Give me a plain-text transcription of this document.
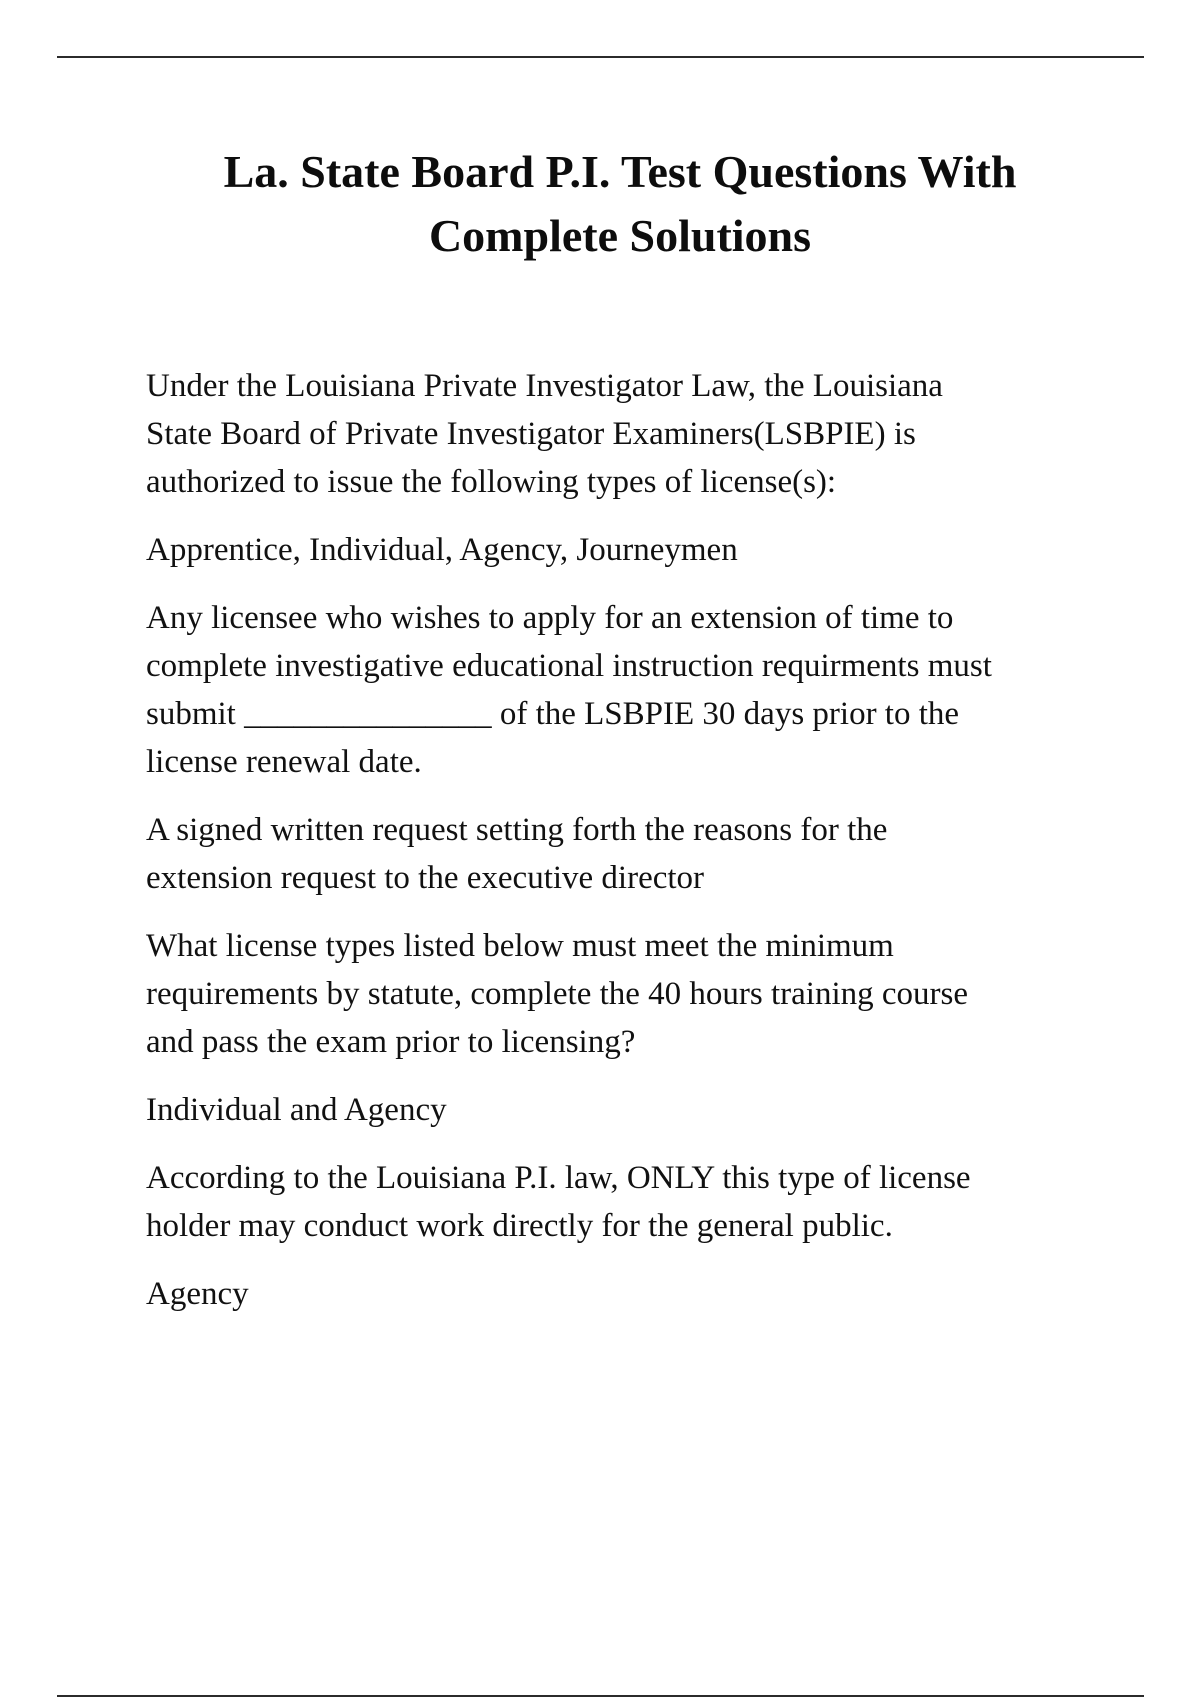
La. State Board P.I. Test Questions With
Complete Solutions

Under the Louisiana Private Investigator Law, the Louisiana
State Board of Private Investigator Examiners(LSBPIE) is
authorized to issue the following types of license(s):

Apprentice, Individual, Agency, Journeymen

Any licensee who wishes to apply for an extension of time to
complete investigative educational instruction requirments must
submit _______________ of the LSBPIE 30 days prior to the
license renewal date.

A signed written request setting forth the reasons for the
extension request to the executive director

What license types listed below must meet the minimum
requirements by statute, complete the 40 hours training course
and pass the exam prior to licensing?

Individual and Agency

According to the Louisiana P.I. law, ONLY this type of license
holder may conduct work directly for the general public.

Agency
